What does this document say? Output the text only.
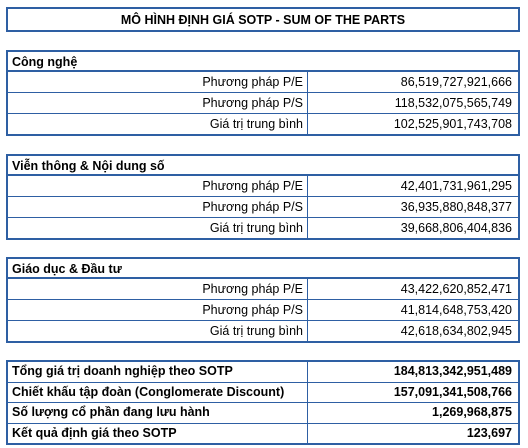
MÔ HÌNH ĐỊNH GIÁ SOTP - SUM OF THE PARTS
Công nghệ
Phương pháp P/E	86,519,727,921,666
Phương pháp P/S	118,532,075,565,749
Giá trị trung bình	102,525,901,743,708
Viễn thông & Nội dung số
Phương pháp P/E	42,401,731,961,295
Phương pháp P/S	36,935,880,848,377
Giá trị trung bình	39,668,806,404,836
Giáo dục & Đầu tư
Phương pháp P/E	43,422,620,852,471
Phương pháp P/S	41,814,648,753,420
Giá trị trung bình	42,618,634,802,945
Tổng giá trị doanh nghiệp theo SOTP	184,813,342,951,489
Chiết khấu tập đoàn (Conglomerate Discount)	157,091,341,508,766
Số lượng cổ phần đang lưu hành	1,269,968,875
Kết quả định giá theo SOTP	123,697
